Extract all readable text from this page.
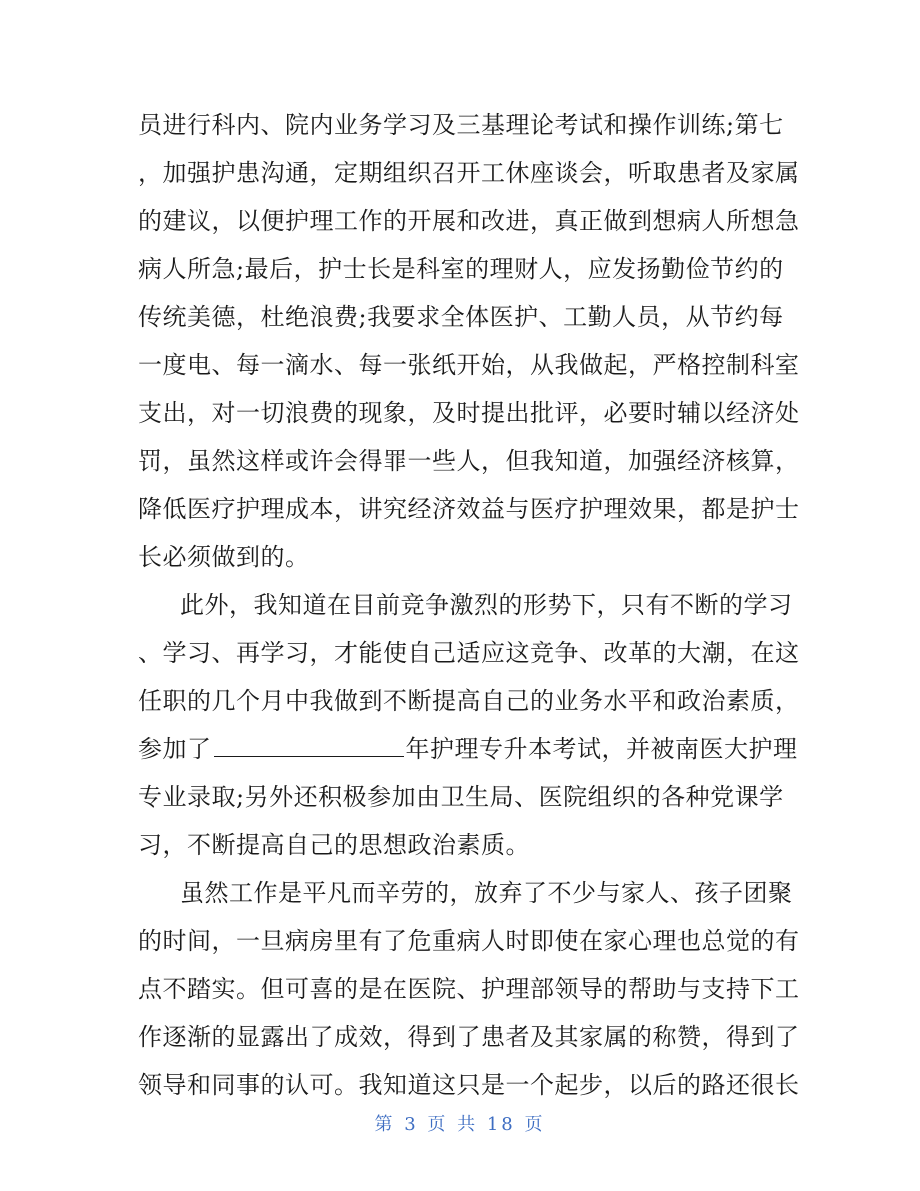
员进行科内、院内业务学习及三基理论考试和操作训练;第七
，加强护患沟通，定期组织召开工休座谈会，听取患者及家属
的建议，以便护理工作的开展和改进，真正做到想病人所想急
病人所急;最后，护士长是科室的理财人，应发扬勤俭节约的
传统美德，杜绝浪费;我要求全体医护、工勤人员，从节约每
一度电、每一滴水、每一张纸开始，从我做起，严格控制科室
支出，对一切浪费的现象，及时提出批评，必要时辅以经济处
罚，虽然这样或许会得罪一些人，但我知道，加强经济核算，
降低医疗护理成本，讲究经济效益与医疗护理效果，都是护士
长必须做到的。
此外，我知道在目前竞争激烈的形势下，只有不断的学习
、学习、再学习，才能使自己适应这竞争、改革的大潮，在这
任职的几个月中我做到不断提高自己的业务水平和政治素质，
参加了	年护理专升本考试，并被南医大护理
专业录取;另外还积极参加由卫生局、医院组织的各种党课学
习，不断提高自己的思想政治素质。
虽然工作是平凡而辛劳的，放弃了不少与家人、孩子团聚
的时间，一旦病房里有了危重病人时即使在家心理也总觉的有
点不踏实。但可喜的是在医院、护理部领导的帮助与支持下工
作逐渐的显露出了成效，得到了患者及其家属的称赞，得到了
领导和同事的认可。我知道这只是一个起步，以后的路还很长
第 3 页 共 18 页
